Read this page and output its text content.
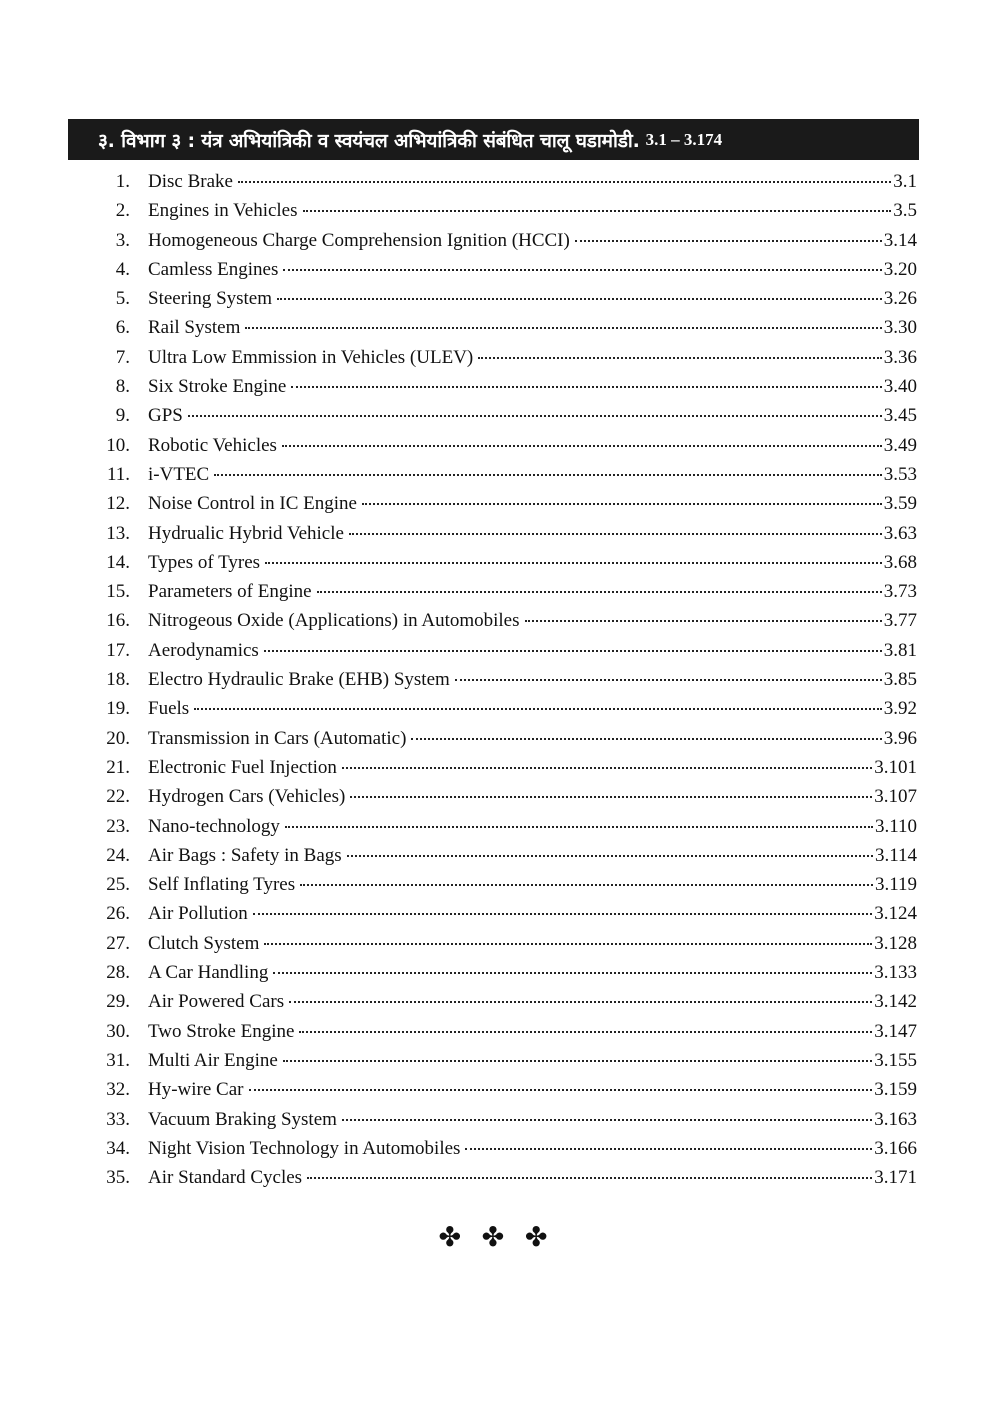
३. विभाग ३ : यंत्र अभियांत्रिकी व स्वयंचल अभियांत्रिकी संबंधित चालू घडामोडी. 3.1 – 3.174
1. Disc Brake	3.1
2. Engines in Vehicles	3.5
3. Homogeneous Charge Comprehension Ignition (HCCI)	3.14
4. Camless Engines	3.20
5. Steering System	3.26
6. Rail System	3.30
7. Ultra Low Emmission in Vehicles (ULEV)	3.36
8. Six Stroke Engine	3.40
9. GPS	3.45
10. Robotic Vehicles	3.49
11. i-VTEC	3.53
12. Noise Control in IC Engine	3.59
13. Hydrualic Hybrid Vehicle	3.63
14. Types of Tyres	3.68
15. Parameters of Engine	3.73
16. Nitrogeous Oxide (Applications) in Automobiles	3.77
17. Aerodynamics	3.81
18. Electro Hydraulic Brake (EHB) System	3.85
19. Fuels	3.92
20. Transmission in Cars (Automatic)	3.96
21. Electronic Fuel Injection	3.101
22. Hydrogen Cars (Vehicles)	3.107
23. Nano-technology	3.110
24. Air Bags : Safety in Bags	3.114
25. Self Inflating Tyres	3.119
26. Air Pollution	3.124
27. Clutch System	3.128
28. A Car Handling	3.133
29. Air Powered Cars	3.142
30. Two Stroke Engine	3.147
31. Multi Air Engine	3.155
32. Hy-wire Car	3.159
33. Vacuum Braking System	3.163
34. Night Vision Technology in Automobiles	3.166
35. Air Standard Cycles	3.171
✤ ✤ ✤
